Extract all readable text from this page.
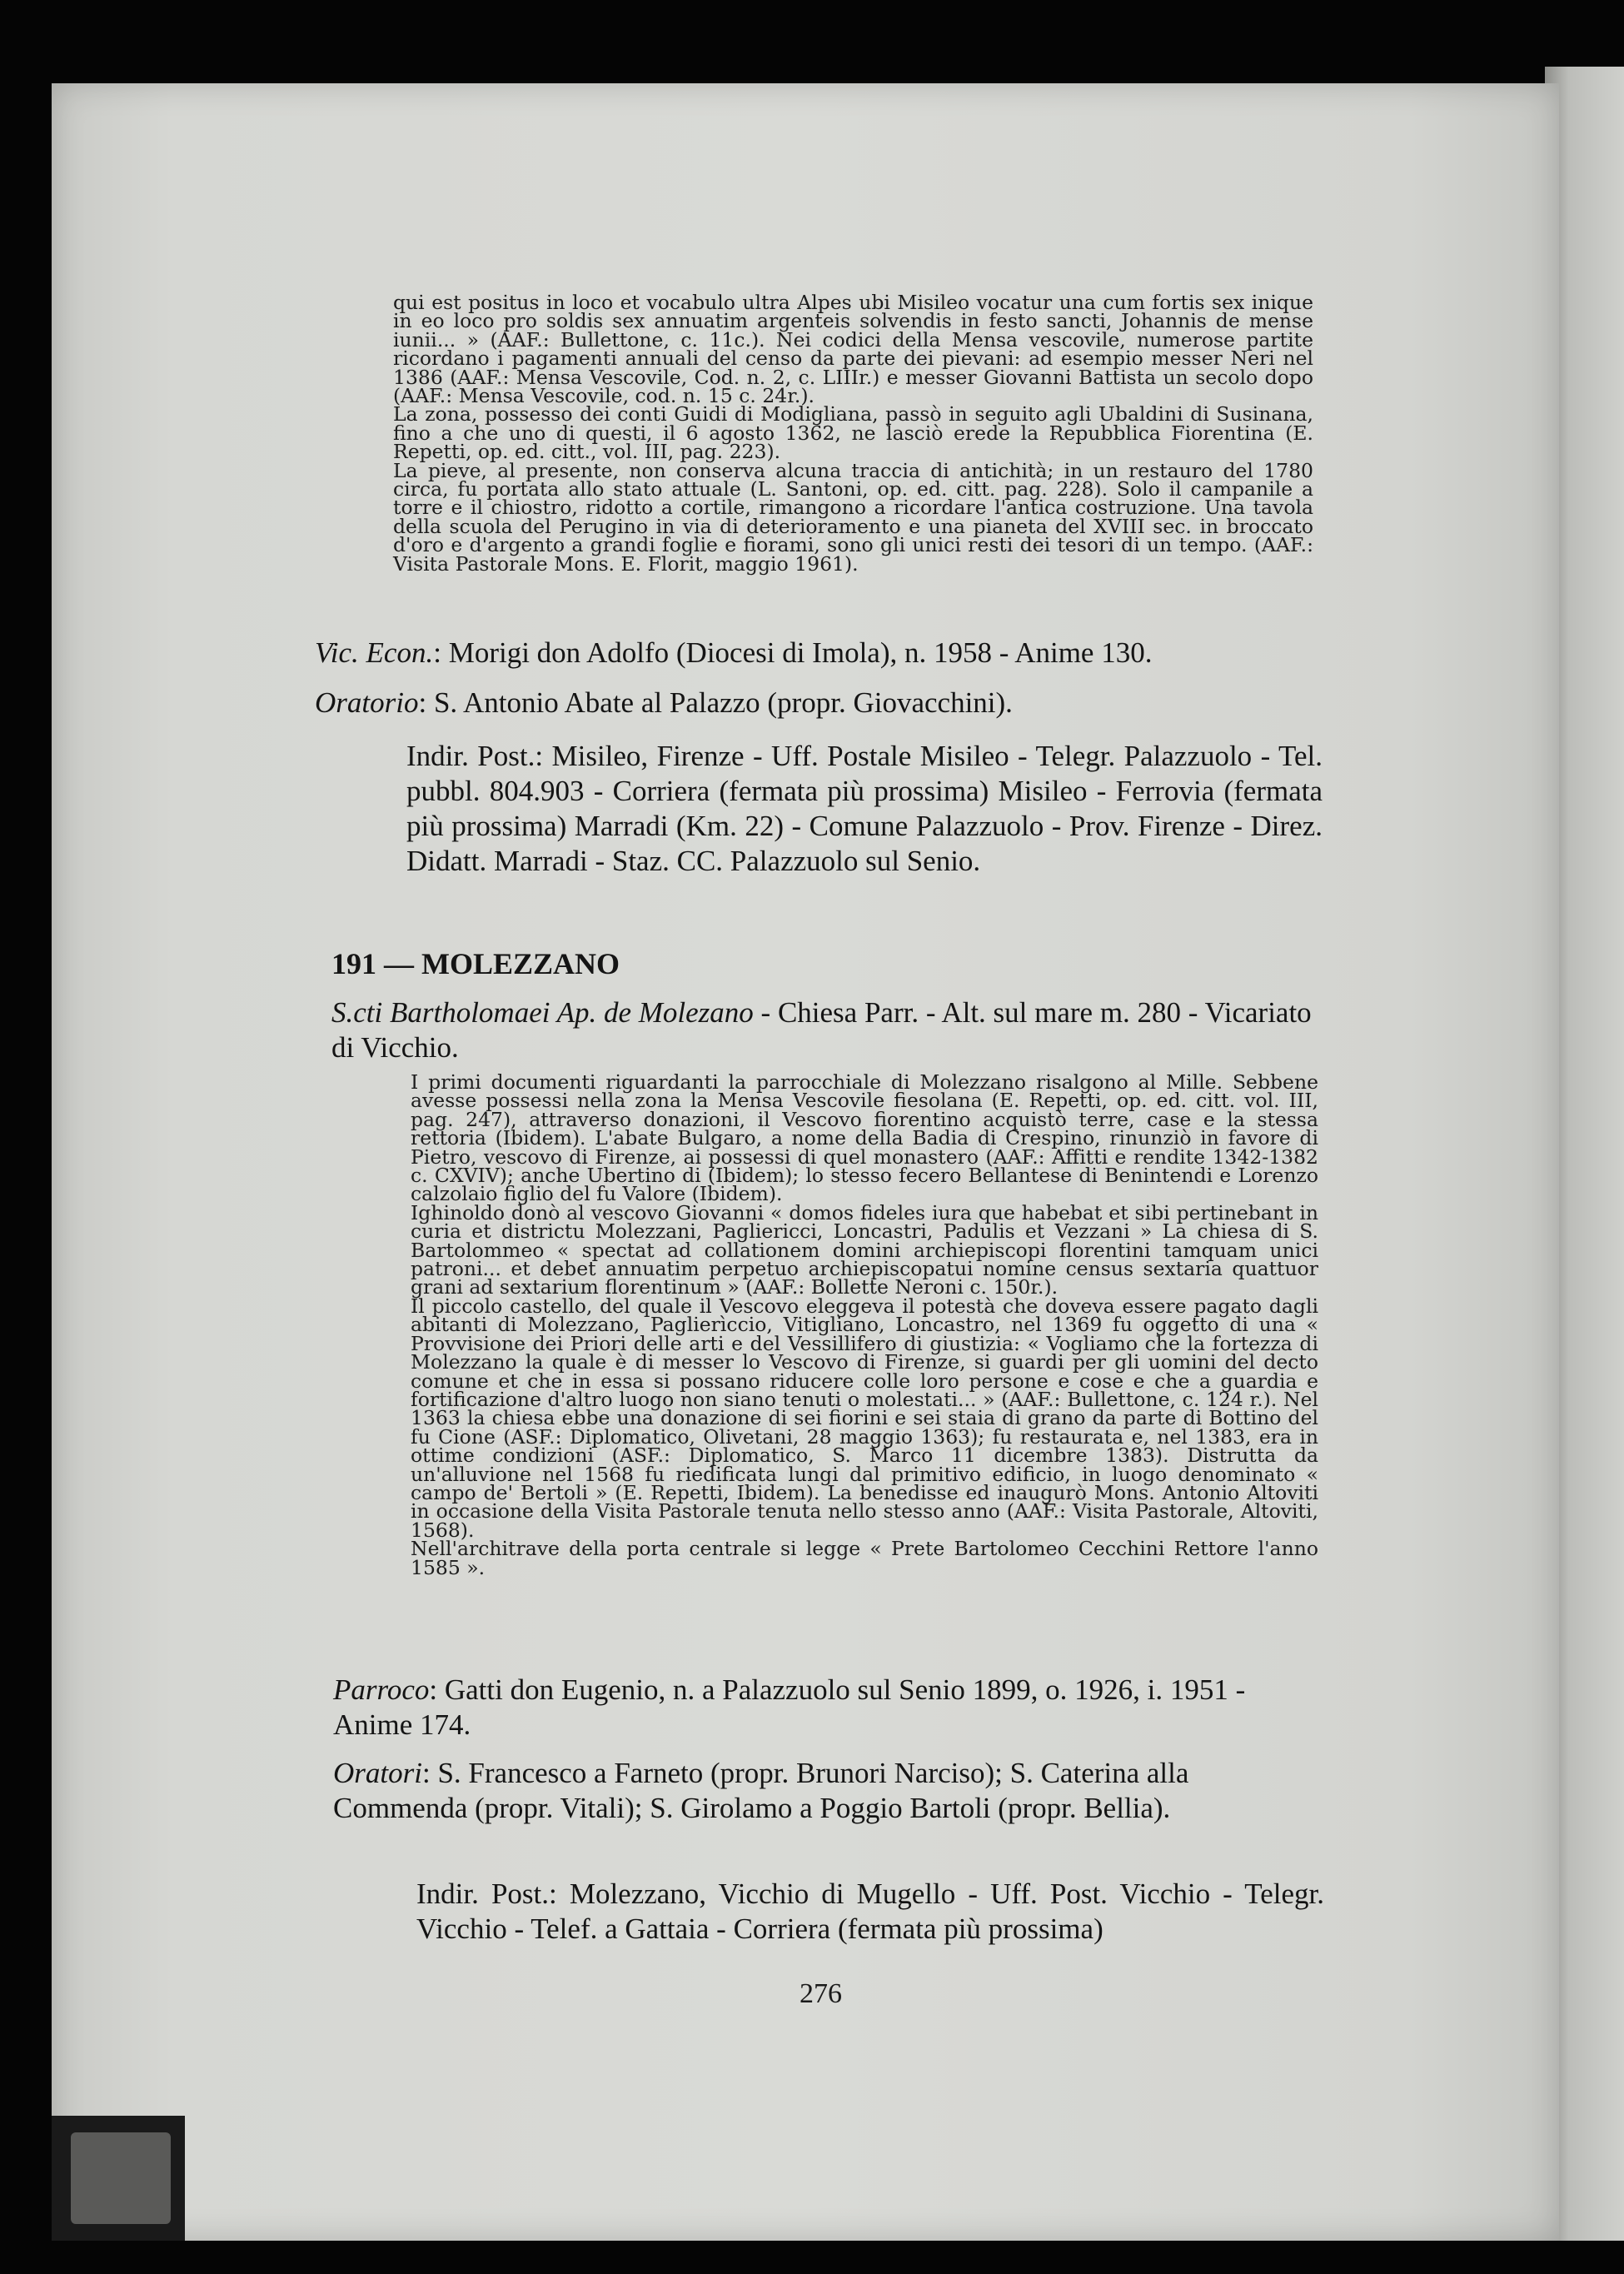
qui est positus in loco et vocabulo ultra Alpes ubi Misileo vocatur una cum fortis sex inique in eo loco pro soldis sex annuatim argenteis solvendis in festo sancti, Johannis de mense iunii... » (AAF.: Bullettone, c. 11c.). Nei codici della Mensa vescovile, numerose partite ricordano i pagamenti annuali del censo da parte dei pievani: ad esempio messer Neri nel 1386 (AAF.: Mensa Vescovile, Cod. n. 2, c. LIIIr.) e messer Giovanni Battista un secolo dopo (AAF.: Mensa Vescovile, cod. n. 15 c. 24r.).

La zona, possesso dei conti Guidi di Modigliana, passò in seguito agli Ubaldini di Susinana, fino a che uno di questi, il 6 agosto 1362, ne lasciò erede la Repubblica Fiorentina (E. Repetti, op. ed. citt., vol. III, pag. 223).

La pieve, al presente, non conserva alcuna traccia di antichità; in un restauro del 1780 circa, fu portata allo stato attuale (L. Santoni, op. ed. citt. pag. 228). Solo il campanile a torre e il chiostro, ridotto a cortile, rimangono a ricordare l'antica costruzione. Una tavola della scuola del Perugino in via di deterioramento e una pianeta del XVIII sec. in broccato d'oro e d'argento a grandi foglie e fiorami, sono gli unici resti dei tesori di un tempo. (AAF.: Visita Pastorale Mons. E. Florit, maggio 1961).

Vic. Econ.: Morigi don Adolfo (Diocesi di Imola), n. 1958 - Anime 130.

Oratorio: S. Antonio Abate al Palazzo (propr. Giovacchini).

Indir. Post.: Misileo, Firenze - Uff. Postale Misileo - Telegr. Palazzuolo - Tel. pubbl. 804.903 - Corriera (fermata più prossima) Misileo - Ferrovia (fermata più prossima) Marradi (Km. 22) - Comune Palazzuolo - Prov. Firenze - Direz. Didatt. Marradi - Staz. CC. Palazzuolo sul Senio.

191 — MOLEZZANO

S.cti Bartholomaei Ap. de Molezano - Chiesa Parr. - Alt. sul mare m. 280 - Vicariato di Vicchio.

I primi documenti riguardanti la parrocchiale di Molezzano risalgono al Mille. Sebbene avesse possessi nella zona la Mensa Vescovile fiesolana (E. Repetti, op. ed. citt. vol. III, pag. 247), attraverso donazioni, il Vescovo fiorentino acquistò terre, case e la stessa rettoria (Ibidem). L'abate Bulgaro, a nome della Badia di Crespino, rinunziò in favore di Pietro, vescovo di Firenze, ai possessi di quel monastero (AAF.: Affitti e rendite 1342-1382 c. CXVIV); anche Ubertino di (Ibidem); lo stesso fecero Bellantese di Benintendi e Lorenzo calzolaio figlio del fu Valore (Ibidem).

Ighinoldo donò al vescovo Giovanni « domos fideles iura que habebat et sibi pertinebant in curia et districtu Molezzani, Pagliericci, Loncastri, Padulis et Vezzani » La chiesa di S. Bartolommeo « spectat ad collationem domini archiepiscopi florentini tamquam unici patroni... et debet annuatim perpetuo archiepiscopatui nomine census sextaria quattuor grani ad sextarium florentinum » (AAF.: Bollette Neroni c. 150r.).

Il piccolo castello, del quale il Vescovo eleggeva il potestà che doveva essere pagato dagli abitanti di Molezzano, Paglierìccio, Vitigliano, Loncastro, nel 1369 fu oggetto di una « Provvisione dei Priori delle arti e del Vessillifero di giustizia: « Vogliamo che la fortezza di Molezzano la quale è di messer lo Vescovo di Firenze, si guardi per gli uomini del decto comune et che in essa si possano riducere colle loro persone e cose e che a guardia e fortificazione d'altro luogo non siano tenuti o molestati... » (AAF.: Bullettone, c. 124 r.). Nel 1363 la chiesa ebbe una donazione di sei fiorini e sei staia di grano da parte di Bottino del fu Cione (ASF.: Diplomatico, Olivetani, 28 maggio 1363); fu restaurata e, nel 1383, era in ottime condizioni (ASF.: Diplomatico, S. Marco 11 dicembre 1383). Distrutta da un'alluvione nel 1568 fu riedificata lungi dal primitivo edificio, in luogo denominato « campo de' Bertoli » (E. Repetti, Ibidem). La benedisse ed inaugurò Mons. Antonio Altoviti in occasione della Visita Pastorale tenuta nello stesso anno (AAF.: Visita Pastorale, Altoviti, 1568).

Nell'architrave della porta centrale si legge « Prete Bartolomeo Cecchini Rettore l'anno 1585 ».

Parroco: Gatti don Eugenio, n. a Palazzuolo sul Senio 1899, o. 1926, i. 1951 - Anime 174.

Oratori: S. Francesco a Farneto (propr. Brunori Narciso); S. Caterina alla Commenda (propr. Vitali); S. Girolamo a Poggio Bartoli (propr. Bellia).

Indir. Post.: Molezzano, Vicchio di Mugello - Uff. Post. Vicchio - Telegr. Vicchio - Telef. a Gattaia - Corriera (fermata più prossima)

276
